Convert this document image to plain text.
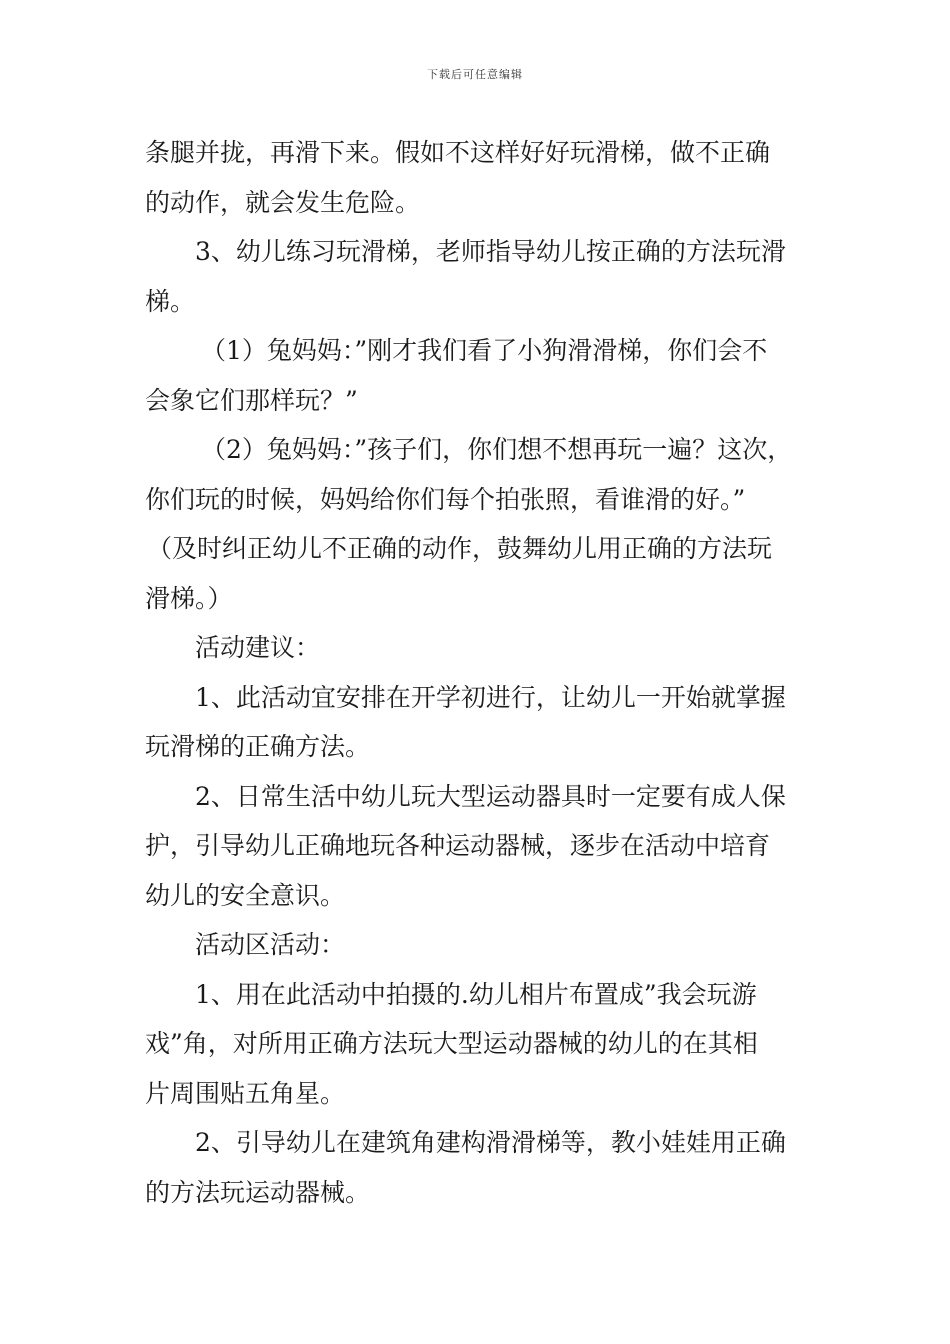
下载后可任意编辑
条腿并拢，再滑下来。假如不这样好好玩滑梯，做不正确
的动作，就会发生危险。
3、幼儿练习玩滑梯，老师指导幼儿按正确的方法玩滑
梯。
（1）兔妈妈：”刚才我们看了小狗滑滑梯，你们会不
会象它们那样玩？”
（2）兔妈妈：”孩子们，你们想不想再玩一遍？这次，
你们玩的时候，妈妈给你们每个拍张照，看谁滑的好。”
（及时纠正幼儿不正确的动作，鼓舞幼儿用正确的方法玩
滑梯。）
活动建议：
1、此活动宜安排在开学初进行，让幼儿一开始就掌握
玩滑梯的正确方法。
2、日常生活中幼儿玩大型运动器具时一定要有成人保
护，引导幼儿正确地玩各种运动器械，逐步在活动中培育
幼儿的安全意识。
活动区活动：
1、用在此活动中拍摄的.幼儿相片布置成”我会玩游
戏”角，对所用正确方法玩大型运动器械的幼儿的在其相
片周围贴五角星。
2、引导幼儿在建筑角建构滑滑梯等，教小娃娃用正确
的方法玩运动器械。
